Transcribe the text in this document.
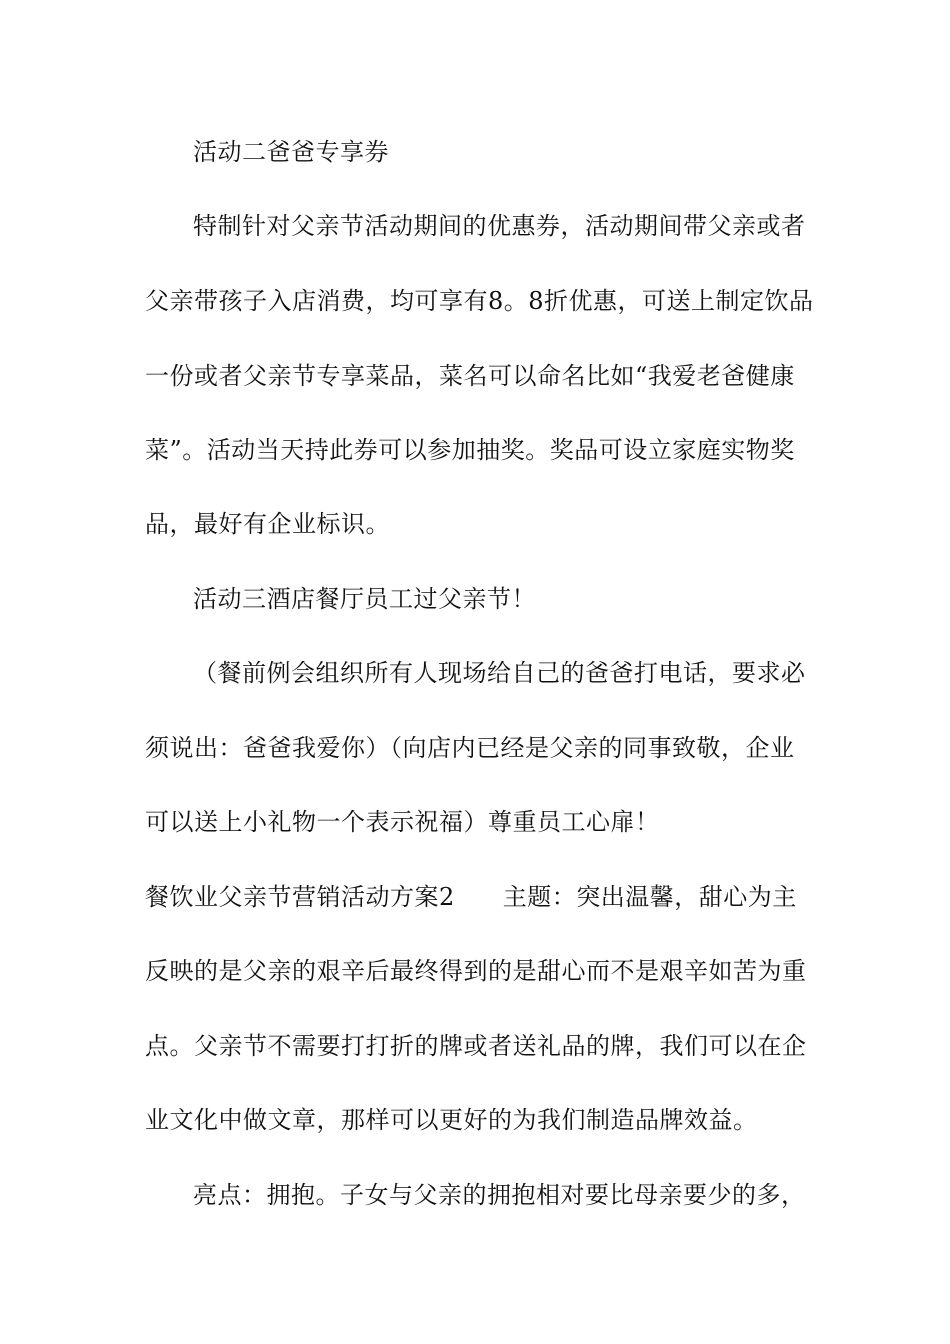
活动二爸爸专享券
特制针对父亲节活动期间的优惠券，活动期间带父亲或者
父亲带孩子入店消费，均可享有8。8折优惠，可送上制定饮品
一份或者父亲节专享菜品，菜名可以命名比如“我爱老爸健康
菜”。活动当天持此券可以参加抽奖。奖品可设立家庭实物奖
品，最好有企业标识。
活动三酒店餐厅员工过父亲节！
（餐前例会组织所有人现场给自己的爸爸打电话，要求必
须说出：爸爸我爱你）（向店内已经是父亲的同事致敬，企业
可以送上小礼物一个表示祝福）尊重员工心扉！
餐饮业父亲节营销活动方案2 主题：突出温馨，甜心为主
反映的是父亲的艰辛后最终得到的是甜心而不是艰辛如苦为重
点。父亲节不需要打打折的牌或者送礼品的牌，我们可以在企
业文化中做文章，那样可以更好的为我们制造品牌效益。
亮点：拥抱。子女与父亲的拥抱相对要比母亲要少的多，
